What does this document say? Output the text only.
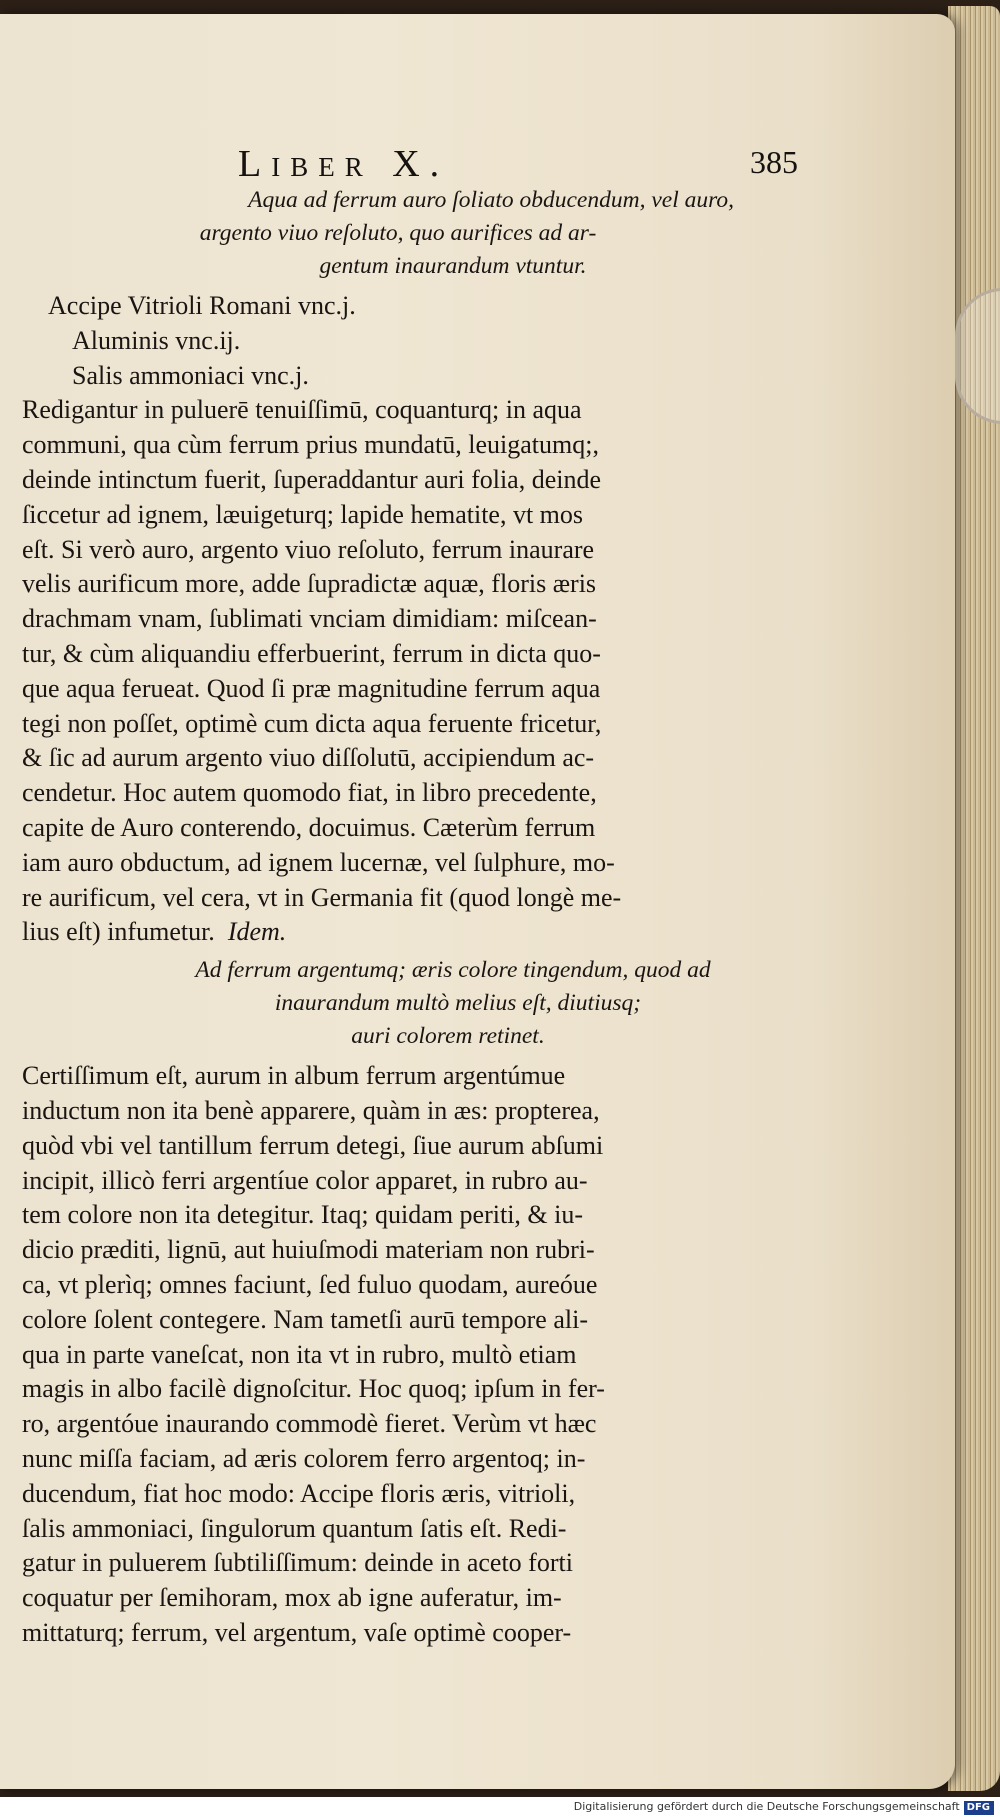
Liber X.	385
Aqua ad ferrum auro ſoliato obducendum, vel auro,
argento viuo reſoluto, quo aurifices ad ar-
gentum inaurandum vtuntur.
Accipe Vitrioli Romani vnc.j.
Aluminis vnc.ij.
Salis ammoniaci vnc.j.
Redigantur in puluerē tenuiſſimū, coquanturq; in aqua
communi, qua cùm ferrum prius mundatū, leuigatumq;,
deinde intinctum fuerit, ſuperaddantur auri folia, deinde
ſiccetur ad ignem, læuigeturq; lapide hematite, vt mos
eſt. Si verò auro, argento viuo reſoluto, ferrum inaurare
velis aurificum more, adde ſupradictæ aquæ, floris æris
drachmam vnam, ſublimati vnciam dimidiam: miſcean-
tur, & cùm aliquandiu efferbuerint, ferrum in dicta quo-
que aqua ferueat. Quod ſi præ magnitudine ferrum aqua
tegi non poſſet, optimè cum dicta aqua feruente fricetur,
& ſic ad aurum argento viuo diſſolutū, accipiendum ac-
cendetur. Hoc autem quomodo fiat, in libro precedente,
capite de Auro conterendo, docuimus. Cæterùm ferrum
iam auro obductum, ad ignem lucernæ, vel ſulphure, mo-
re aurificum, vel cera, vt in Germania fit (quod longè me-
lius eſt) infumetur. Idem.
Ad ferrum argentumq; æris colore tingendum, quod ad
inaurandum multò melius eſt, diutiusq;
auri colorem retinet.
Certiſſimum eſt, aurum in album ferrum argentúmue
inductum non ita benè apparere, quàm in æs: propterea,
quòd vbi vel tantillum ferrum detegi, ſiue aurum abſumi
incipit, illicò ferri argentíue color apparet, in rubro au-
tem colore non ita detegitur. Itaq; quidam periti, & iu-
dicio præditi, lignū, aut huiuſmodi materiam non rubri-
ca, vt plerìq; omnes faciunt, ſed fuluo quodam, aureóue
colore ſolent contegere. Nam tametſi aurū tempore ali-
qua in parte vaneſcat, non ita vt in rubro, multò etiam
magis in albo facilè dignoſcitur. Hoc quoq; ipſum in fer-
ro, argentóue inaurando commodè fieret. Verùm vt hæc
nunc miſſa faciam, ad æris colorem ferro argentoq; in-
ducendum, fiat hoc modo: Accipe floris æris, vitrioli,
ſalis ammoniaci, ſingulorum quantum ſatis eſt. Redi-
gatur in puluerem ſubtiliſſimum: deinde in aceto forti
coquatur per ſemihoram, mox ab igne auferatur, im-
mittaturq; ferrum, vel argentum, vaſe optimè cooper-
Digitalisierung gefördert durch die Deutsche Forschungsgemeinschaft DFG
